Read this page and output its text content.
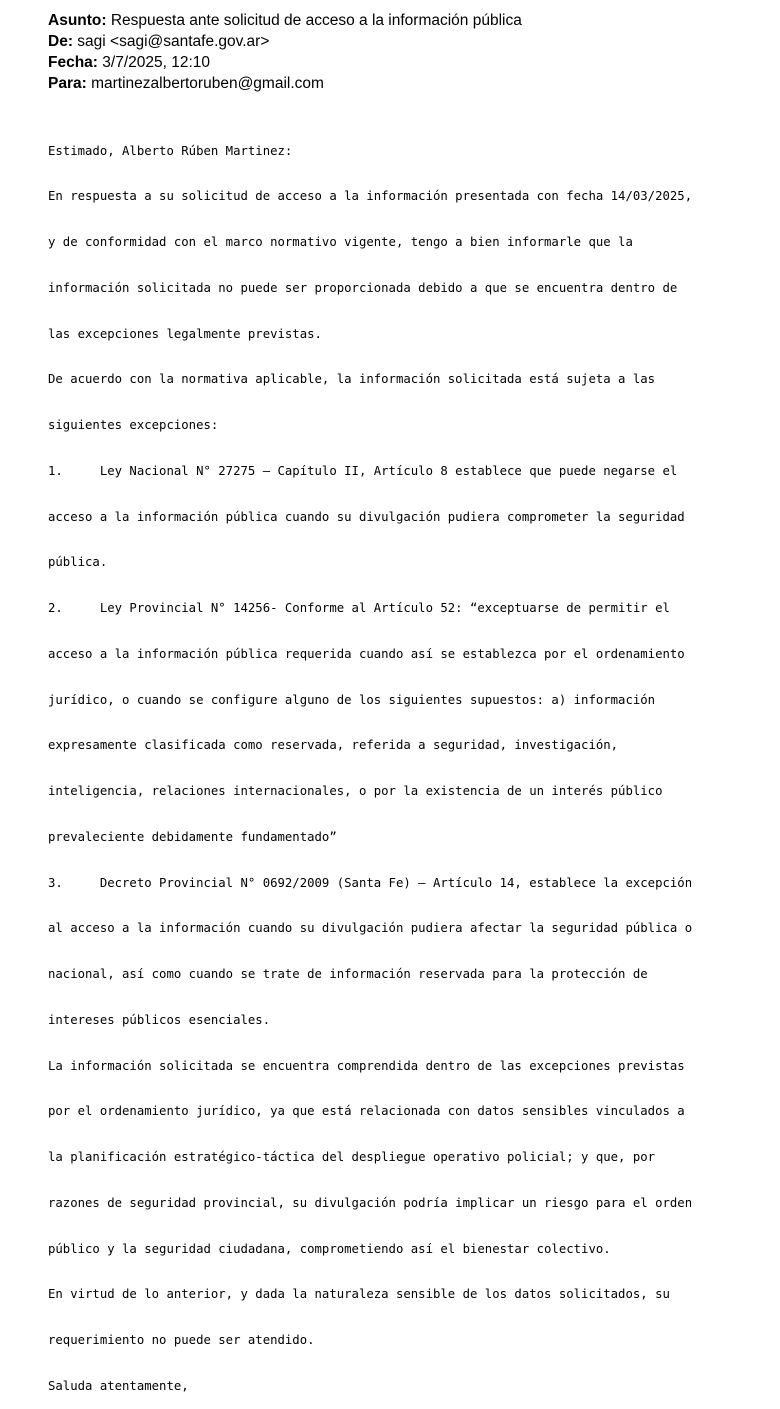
Asunto: Respuesta ante solicitud de acceso a la información pública
De: sagi <sagi@santafe.gov.ar>
Fecha: 3/7/2025, 12:10
Para: martinezalbertoruben@gmail.com

Estimado, Alberto Rúben Martinez:

En respuesta a su solicitud de acceso a la información presentada con fecha 14/03/2025,

y de conformidad con el marco normativo vigente, tengo a bien informarle que la

información solicitada no puede ser proporcionada debido a que se encuentra dentro de

las excepciones legalmente previstas.

De acuerdo con la normativa aplicable, la información solicitada está sujeta a las

siguientes excepciones:

1.     Ley Nacional N° 27275 – Capítulo II, Artículo 8 establece que puede negarse el

acceso a la información pública cuando su divulgación pudiera comprometer la seguridad

pública.

2.     Ley Provincial N° 14256- Conforme al Artículo 52: “exceptuarse de permitir el

acceso a la información pública requerida cuando así se establezca por el ordenamiento

jurídico, o cuando se configure alguno de los siguientes supuestos: a) información

expresamente clasificada como reservada, referida a seguridad, investigación,

inteligencia, relaciones internacionales, o por la existencia de un interés público

prevaleciente debidamente fundamentado”

3.     Decreto Provincial N° 0692/2009 (Santa Fe) – Artículo 14, establece la excepción

al acceso a la información cuando su divulgación pudiera afectar la seguridad pública o

nacional, así como cuando se trate de información reservada para la protección de

intereses públicos esenciales.

La información solicitada se encuentra comprendida dentro de las excepciones previstas

por el ordenamiento jurídico, ya que está relacionada con datos sensibles vinculados a

la planificación estratégico-táctica del despliegue operativo policial; y que, por

razones de seguridad provincial, su divulgación podría implicar un riesgo para el orden

público y la seguridad ciudadana, comprometiendo así el bienestar colectivo.

En virtud de lo anterior, y dada la naturaleza sensible de los datos solicitados, su

requerimiento no puede ser atendido.

Saluda atentamente,
